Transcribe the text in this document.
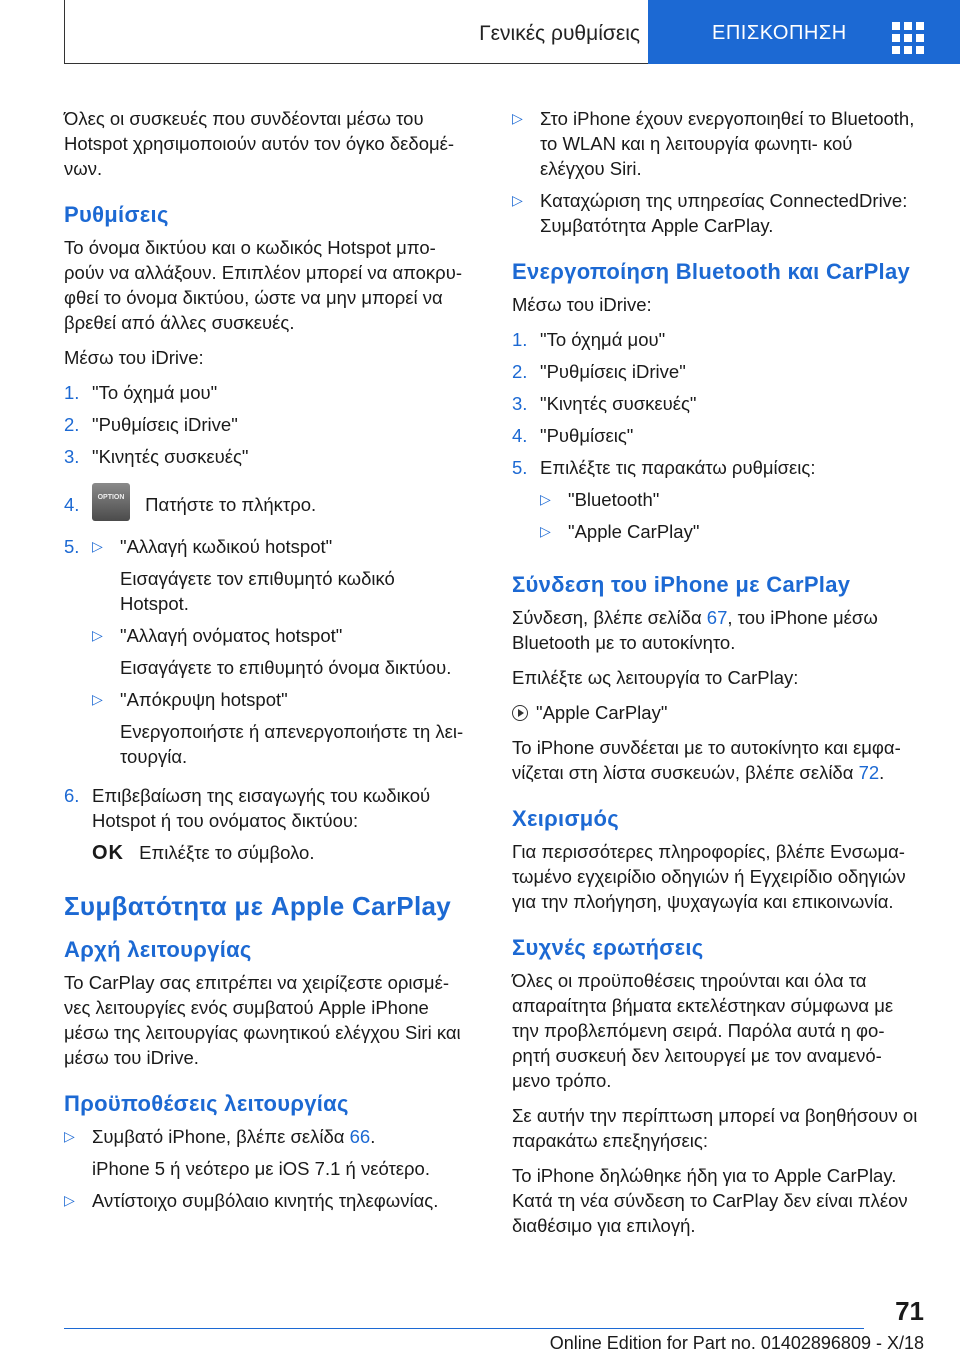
Γενικές ρυθμίσεις	ΕΠΙΣΚΟΠΗΣΗ

Όλες οι συσκευές που συνδέονται μέσω του Hotspot χρησιμοποιούν αυτόν τον όγκο δεδομέ‐ νων.

Ρυθμίσεις

Το όνομα δικτύου και ο κωδικός Hotspot μπο‐ ρούν να αλλάξουν. Επιπλέον μπορεί να αποκρυ‐ φθεί το όνομα δικτύου, ώστε να μην μπορεί να βρεθεί από άλλες συσκευές.

Μέσω του iDrive:

1. "Το όχημά μου"
2. "Ρυθμίσεις iDrive"
3. "Κινητές συσκευές"
4.	OPTION Πατήστε το πλήκτρο.
5. ▷ "Αλλαγή κωδικού hotspot"
Εισαγάγετε τον επιθυμητό κωδικό Hotspot.
▷ "Αλλαγή ονόματος hotspot"
Εισαγάγετε το επιθυμητό όνομα δικτύου.
▷ "Απόκρυψη hotspot"
Ενεργοποιήστε ή απενεργοποιήστε τη λει‐ τουργία.
6. Επιβεβαίωση της εισαγωγής του κωδικού Hotspot ή του ονόματος δικτύου:
OK Επιλέξτε το σύμβολο.
Συμβατότητα με Apple CarPlay
Αρχή λειτουργίας

Το CarPlay σας επιτρέπει να χειρίζεστε ορισμέ‐ νες λειτουργίες ενός συμβατού Apple iPhone μέσω της λειτουργίας φωνητικού ελέγχου Siri και μέσω του iDrive.

Προϋποθέσεις λειτουργίας
▷ Συμβατό iPhone, βλέπε σελίδα 66.
iPhone 5 ή νεότερο με iOS 7.1 ή νεότερο.
▷ Αντίστοιχο συμβόλαιο κινητής τηλεφωνίας.
▷ Στο iPhone έχουν ενεργοποιηθεί το Bluetooth, το WLAN και η λειτουργία φωνητι‐ κού ελέγχου Siri.
▷ Καταχώριση της υπηρεσίας ConnectedDrive: Συμβατότητα Apple CarPlay.
Ενεργοποίηση Bluetooth και CarPlay

Μέσω του iDrive:

1. "Το όχημά μου"
2. "Ρυθμίσεις iDrive"
3. "Κινητές συσκευές"
4. "Ρυθμίσεις"
5. Επιλέξτε τις παρακάτω ρυθμίσεις:
▷ "Bluetooth"
▷ "Apple CarPlay"
Σύνδεση του iPhone με CarPlay

Σύνδεση, βλέπε σελίδα 67, του iPhone μέσω Bluetooth με το αυτοκίνητο.

Επιλέξτε ως λειτουργία το CarPlay:

"Apple CarPlay"

Το iPhone συνδέεται με το αυτοκίνητο και εμφα‐ νίζεται στη λίστα συσκευών, βλέπε σελίδα 72.

Χειρισμός

Για περισσότερες πληροφορίες, βλέπε Ενσωμα‐ τωμένο εγχειρίδιο οδηγιών ή Εγχειρίδιο οδηγιών για την πλοήγηση, ψυχαγωγία και επικοινωνία.

Συχνές ερωτήσεις

Όλες οι προϋποθέσεις τηρούνται και όλα τα απαραίτητα βήματα εκτελέστηκαν σύμφωνα με την προβλεπόμενη σειρά. Παρόλα αυτά η φο‐ ρητή συσκευή δεν λειτουργεί με τον αναμενό‐ μενο τρόπο.

Σε αυτήν την περίπτωση μπορεί να βοηθήσουν οι παρακάτω επεξηγήσεις:

Το iPhone δηλώθηκε ήδη για το Apple CarPlay. Κατά τη νέα σύνδεση το CarPlay δεν είναι πλέον διαθέσιμο για επιλογή.

71
Online Edition for Part no. 01402896809 - X/18
